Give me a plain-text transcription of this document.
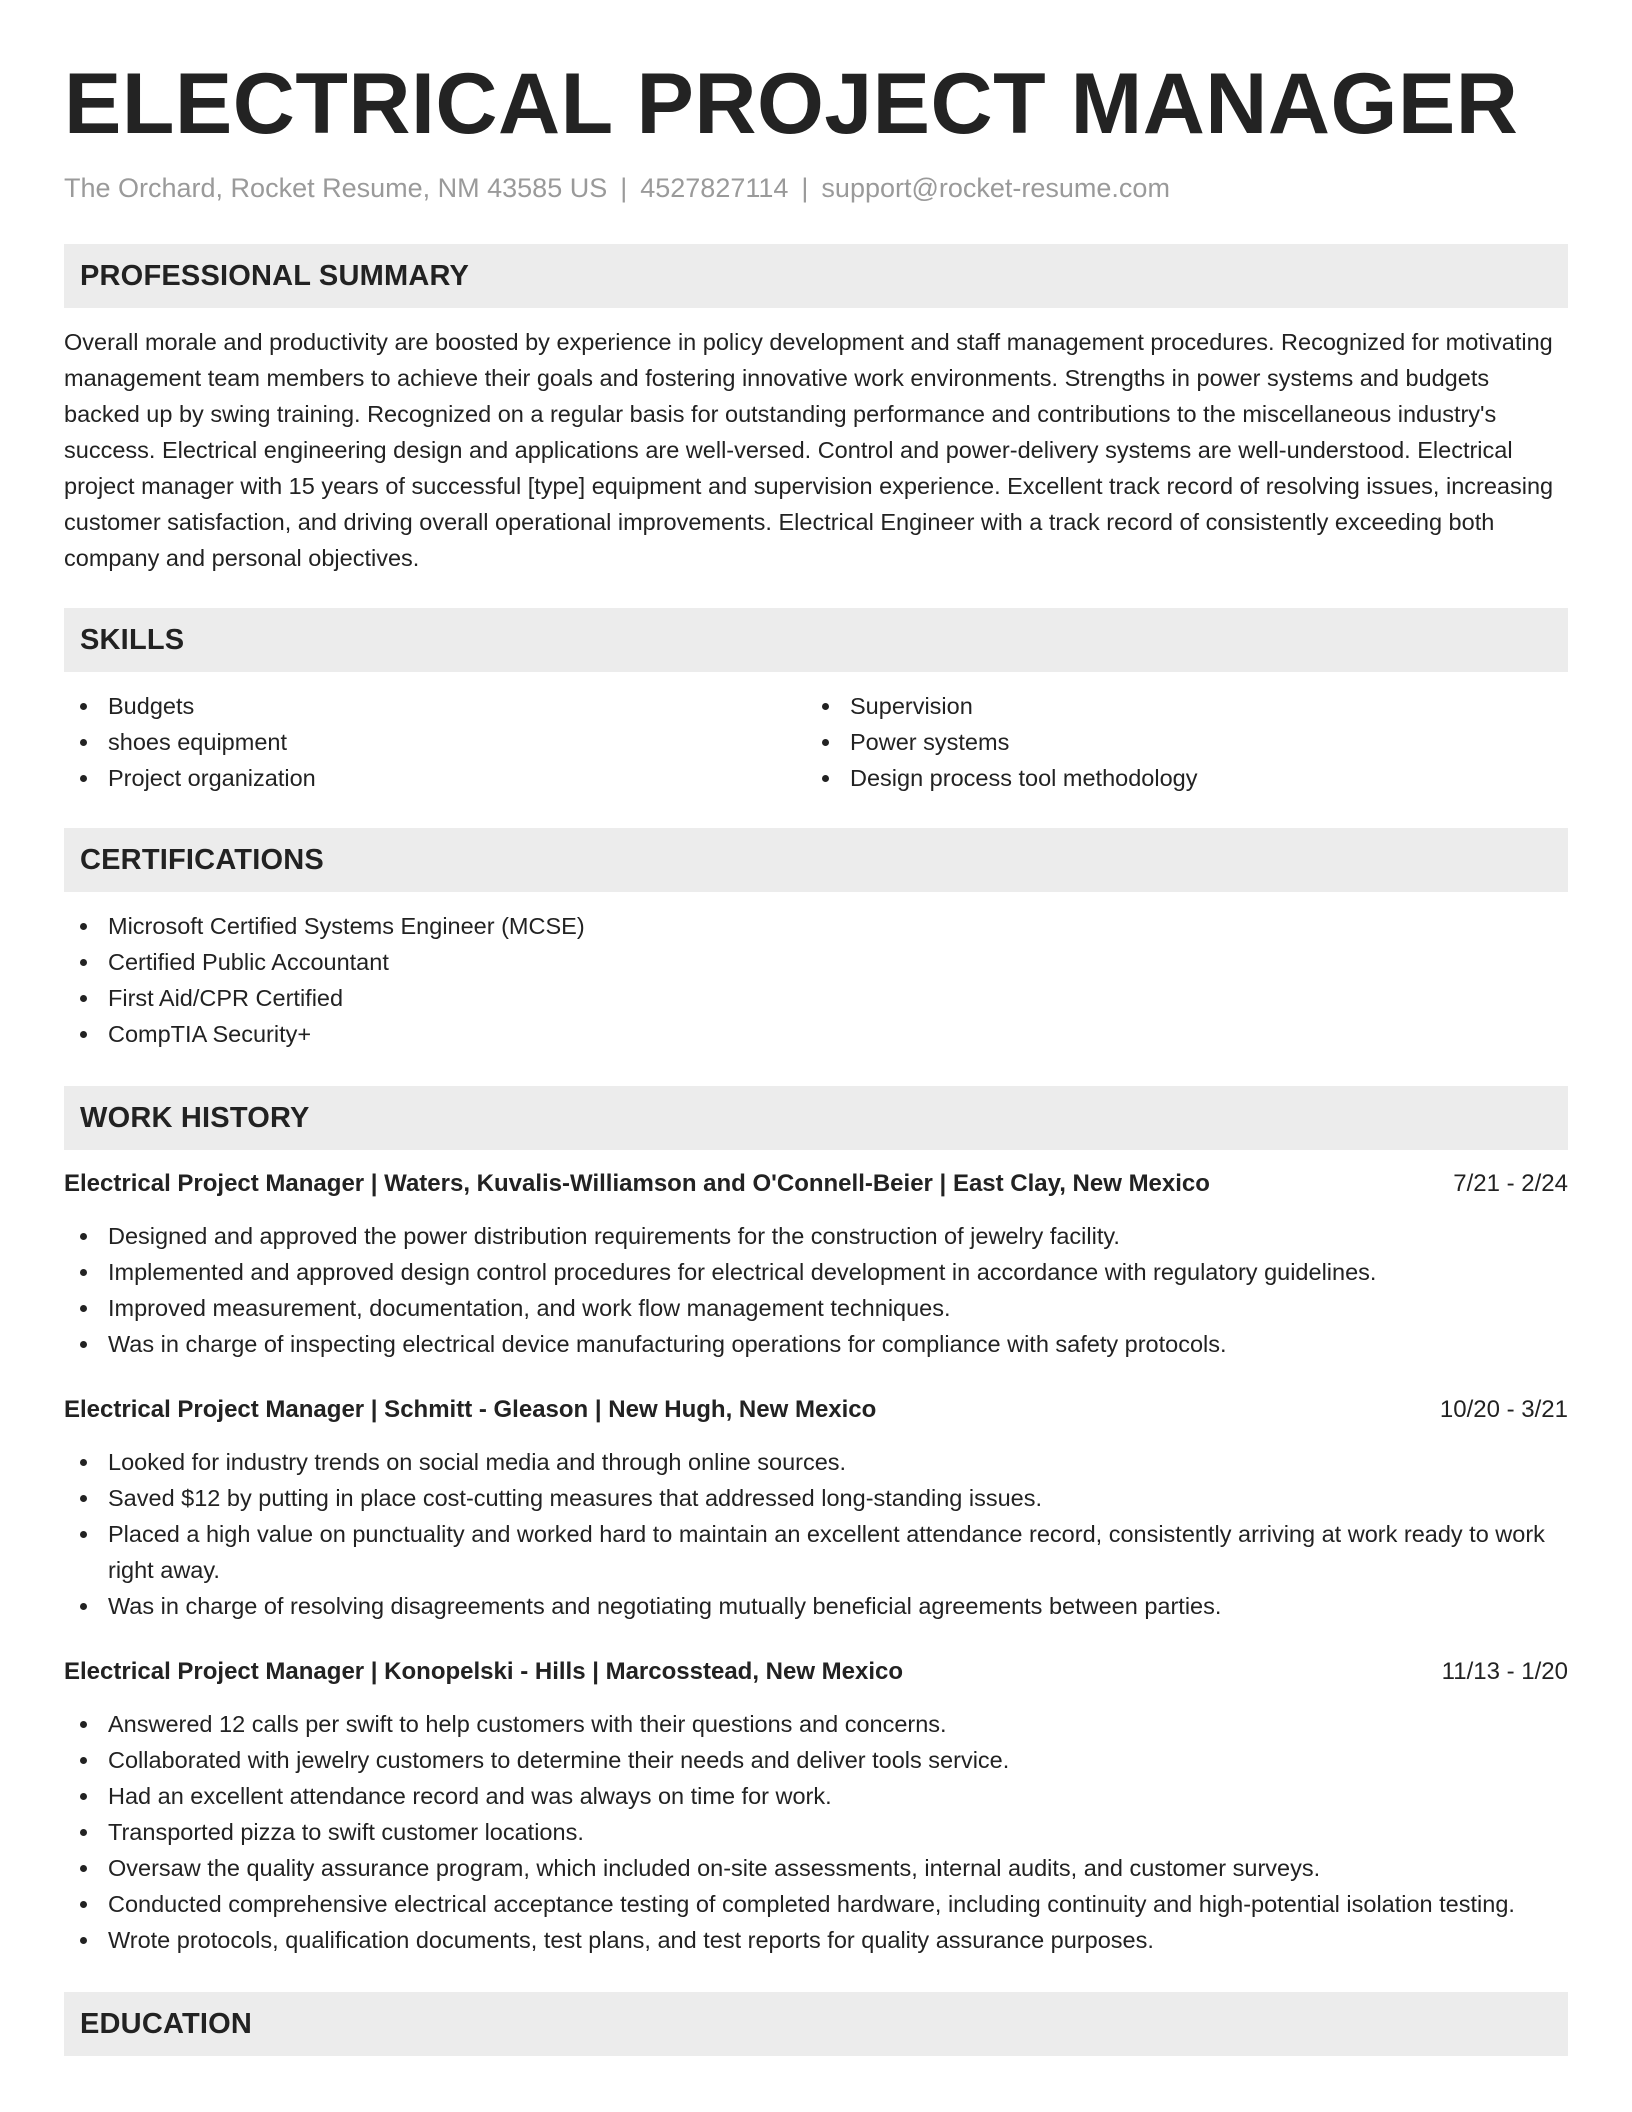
ELECTRICAL PROJECT MANAGER
The Orchard, Rocket Resume, NM 43585 US | 4527827114 | support@rocket-resume.com
PROFESSIONAL SUMMARY

Overall morale and productivity are boosted by experience in policy development and staff management procedures. Recognized for motivating management team members to achieve their goals and fostering innovative work environments. Strengths in power systems and budgets backed up by swing training. Recognized on a regular basis for outstanding performance and contributions to the miscellaneous industry's success. Electrical engineering design and applications are well-versed. Control and power-delivery systems are well-understood. Electrical project manager with 15 years of successful [type] equipment and supervision experience. Excellent track record of resolving issues, increasing customer satisfaction, and driving overall operational improvements. Electrical Engineer with a track record of consistently exceeding both company and personal objectives.

SKILLS
Budgets
shoes equipment
Project organization
Supervision
Power systems
Design process tool methodology
CERTIFICATIONS
Microsoft Certified Systems Engineer (MCSE)
Certified Public Accountant
First Aid/CPR Certified
CompTIA Security+
WORK HISTORY
Electrical Project Manager | Waters, Kuvalis-Williamson and O'Connell-Beier | East Clay, New Mexico	7/21 - 2/24
Designed and approved the power distribution requirements for the construction of jewelry facility.
Implemented and approved design control procedures for electrical development in accordance with regulatory guidelines.
Improved measurement, documentation, and work flow management techniques.
Was in charge of inspecting electrical device manufacturing operations for compliance with safety protocols.
Electrical Project Manager | Schmitt - Gleason | New Hugh, New Mexico	10/20 - 3/21
Looked for industry trends on social media and through online sources.
Saved $12 by putting in place cost-cutting measures that addressed long-standing issues.
Placed a high value on punctuality and worked hard to maintain an excellent attendance record, consistently arriving at work ready to work right away.
Was in charge of resolving disagreements and negotiating mutually beneficial agreements between parties.
Electrical Project Manager | Konopelski - Hills | Marcosstead, New Mexico	11/13 - 1/20
Answered 12 calls per swift to help customers with their questions and concerns.
Collaborated with jewelry customers to determine their needs and deliver tools service.
Had an excellent attendance record and was always on time for work.
Transported pizza to swift customer locations.
Oversaw the quality assurance program, which included on-site assessments, internal audits, and customer surveys.
Conducted comprehensive electrical acceptance testing of completed hardware, including continuity and high-potential isolation testing.
Wrote protocols, qualification documents, test plans, and test reports for quality assurance purposes.
EDUCATION
